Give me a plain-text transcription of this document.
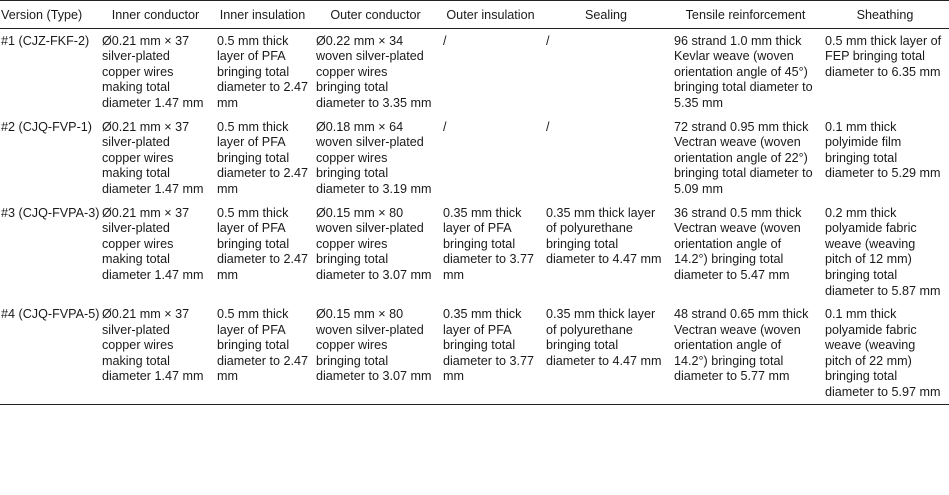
Version (Type)	Inner conductor	Inner insulation	Outer conductor	Outer insulation	Sealing	Tensile reinforcement	Sheathing
#1 (CJZ-FKF-2)	Ø0.21 mm × 37 silver-plated copper wires making total diameter 1.47 mm	0.5 mm thick layer of PFA bringing total diameter to 2.47 mm	Ø0.22 mm × 34 woven silver-plated copper wires bringing total diameter to 3.35 mm	/	/	96 strand 1.0 mm thick Kevlar weave (woven orientation angle of 45°) bringing total diameter to 5.35 mm	0.5 mm thick layer of FEP bringing total diameter to 6.35 mm
#2 (CJQ-FVP-1)	Ø0.21 mm × 37 silver-plated copper wires making total diameter 1.47 mm	0.5 mm thick layer of PFA bringing total diameter to 2.47 mm	Ø0.18 mm × 64 woven silver-plated copper wires bringing total diameter to 3.19 mm	/	/	72 strand 0.95 mm thick Vectran weave (woven orientation angle of 22°) bringing total diameter to 5.09 mm	0.1 mm thick polyimide film bringing total diameter to 5.29 mm
#3 (CJQ-FVPA-3)	Ø0.21 mm × 37 silver-plated copper wires making total diameter 1.47 mm	0.5 mm thick layer of PFA bringing total diameter to 2.47 mm	Ø0.15 mm × 80 woven silver-plated copper wires bringing total diameter to 3.07 mm	0.35 mm thick layer of PFA bringing total diameter to 3.77 mm	0.35 mm thick layer of polyurethane bringing total diameter to 4.47 mm	36 strand 0.5 mm thick Vectran weave (woven orientation angle of 14.2°) bringing total diameter to 5.47 mm	0.2 mm thick polyamide fabric weave (weaving pitch of 12 mm) bringing total diameter to 5.87 mm
#4 (CJQ-FVPA-5)	Ø0.21 mm × 37 silver-plated copper wires making total diameter 1.47 mm	0.5 mm thick layer of PFA bringing total diameter to 2.47 mm	Ø0.15 mm × 80 woven silver-plated copper wires bringing total diameter to 3.07 mm	0.35 mm thick layer of PFA bringing total diameter to 3.77 mm	0.35 mm thick layer of polyurethane bringing total diameter to 4.47 mm	48 strand 0.65 mm thick Vectran weave (woven orientation angle of 14.2°) bringing total diameter to 5.77 mm	0.1 mm thick polyamide fabric weave (weaving pitch of 22 mm) bringing total diameter to 5.97 mm
